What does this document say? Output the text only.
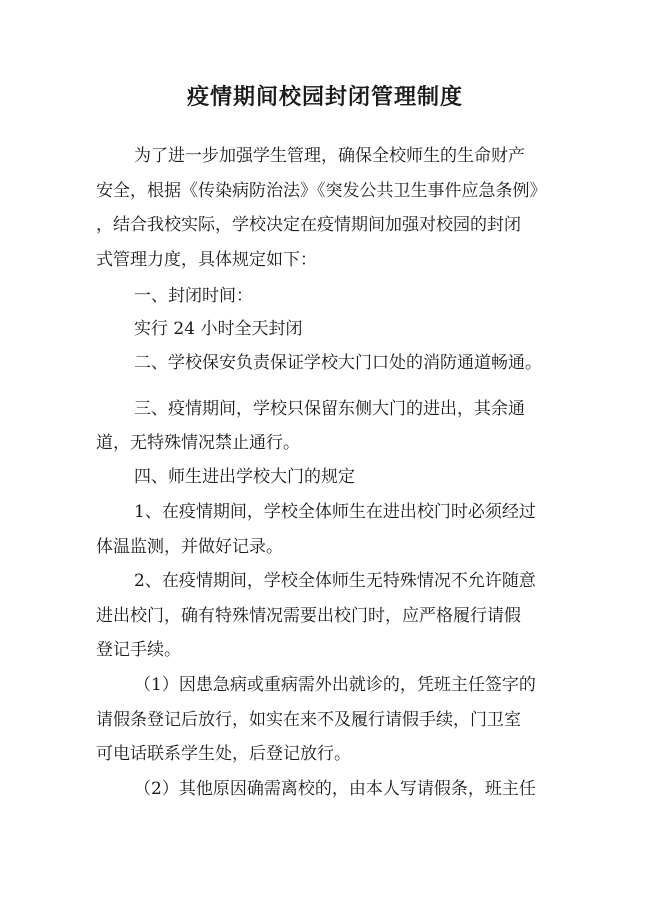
疫情期间校园封闭管理制度
为了进一步加强学生管理，确保全校师生的生命财产
安全，根据《传染病防治法》《突发公共卫生事件应急条例》
，结合我校实际，学校决定在疫情期间加强对校园的封闭
式管理力度，具体规定如下：
一、封闭时间：
实行 24 小时全天封闭
二、学校保安负责保证学校大门口处的消防通道畅通。
三、疫情期间，学校只保留东侧大门的进出，其余通
道，无特殊情况禁止通行。
四、师生进出学校大门的规定
1、在疫情期间，学校全体师生在进出校门时必须经过
体温监测，并做好记录。
2、在疫情期间，学校全体师生无特殊情况不允许随意
进出校门，确有特殊情况需要出校门时，应严格履行请假
登记手续。
（1）因患急病或重病需外出就诊的，凭班主任签字的
请假条登记后放行，如实在来不及履行请假手续，门卫室
可电话联系学生处，后登记放行。
（2）其他原因确需离校的，由本人写请假条，班主任
